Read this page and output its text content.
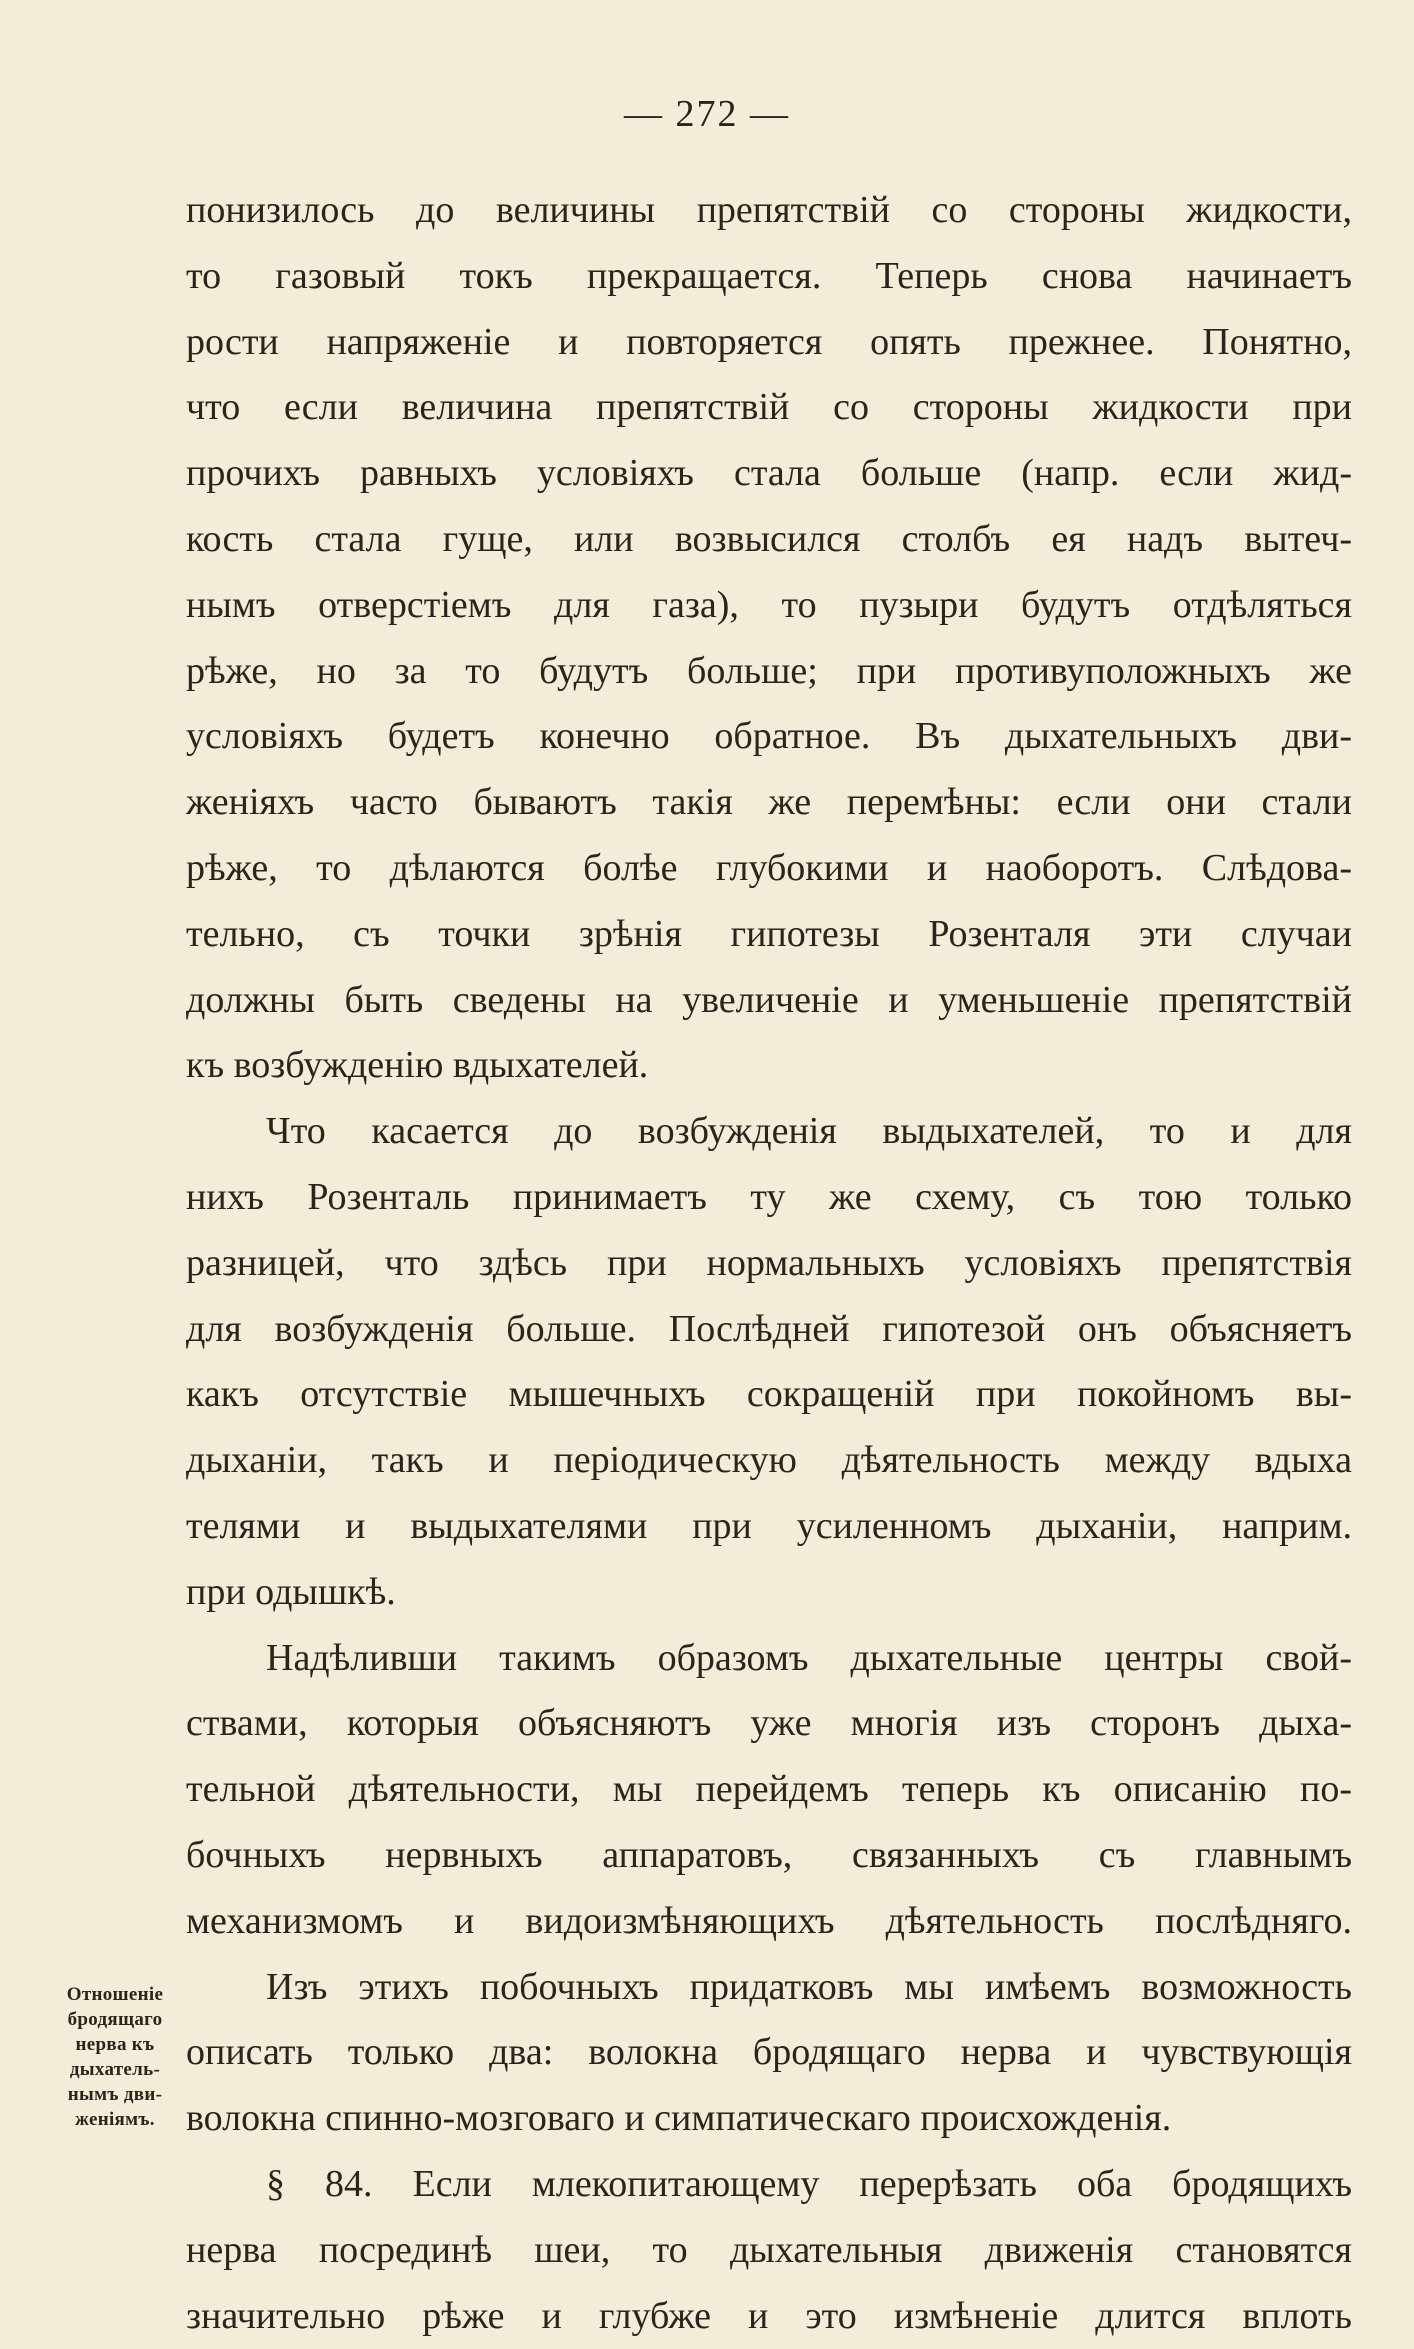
— 272 —
понизилось до величины препятствій со стороны жидкости,
то газовый токъ прекращается. Теперь снова начинаетъ
рости напряженіе и повторяется опять прежнее. Понятно,
что если величина препятствій со стороны жидкости при
прочихъ равныхъ условіяхъ стала больше (напр. если жид-
кость стала гуще, или возвысился столбъ ея надъ вытеч-
нымъ отверстіемъ для газа), то пузыри будутъ отдѣляться
рѣже, но за то будутъ больше; при противуположныхъ же
условіяхъ будетъ конечно обратное. Въ дыхательныхъ дви-
женіяхъ часто бываютъ такія же перемѣны: если они стали
рѣже, то дѣлаются болѣе глубокими и наоборотъ. Слѣдова-
тельно, съ точки зрѣнія гипотезы Розенталя эти случаи
должны быть сведены на увеличеніе и уменьшеніе препятствій
къ возбужденію вдыхателей.
Что касается до возбужденія выдыхателей, то и для
нихъ Розенталь принимаетъ ту же схему, съ тою только
разницей, что здѣсь при нормальныхъ условіяхъ препятствія
для возбужденія больше. Послѣдней гипотезой онъ объясняетъ
какъ отсутствіе мышечныхъ сокращеній при покойномъ вы-
дыханіи, такъ и періодическую дѣятельность между вдыха
телями и выдыхателями при усиленномъ дыханіи, наприм.
при одышкѣ.
Надѣливши такимъ образомъ дыхательные центры свой-
ствами, которыя объясняютъ уже многія изъ сторонъ дыха-
тельной дѣятельности, мы перейдемъ теперь къ описанію по-
бочныхъ нервныхъ аппаратовъ, связанныхъ съ главнымъ
механизмомъ и видоизмѣняющихъ дѣятельность послѣдняго.
Изъ этихъ побочныхъ придатковъ мы имѣемъ возможность
описать только два: волокна бродящаго нерва и чувствующія
волокна спинно-мозговаго и симпатическаго происхожденія.
§ 84. Если млекопитающему перерѣзать оба бродящихъ
нерва посрединѣ шеи, то дыхательныя движенія становятся
значительно рѣже и глубже и это измѣненіе длится вплоть
Отношеніе
бродящаго
нерва къ
дыхатель-
нымъ дви-
женіямъ.
